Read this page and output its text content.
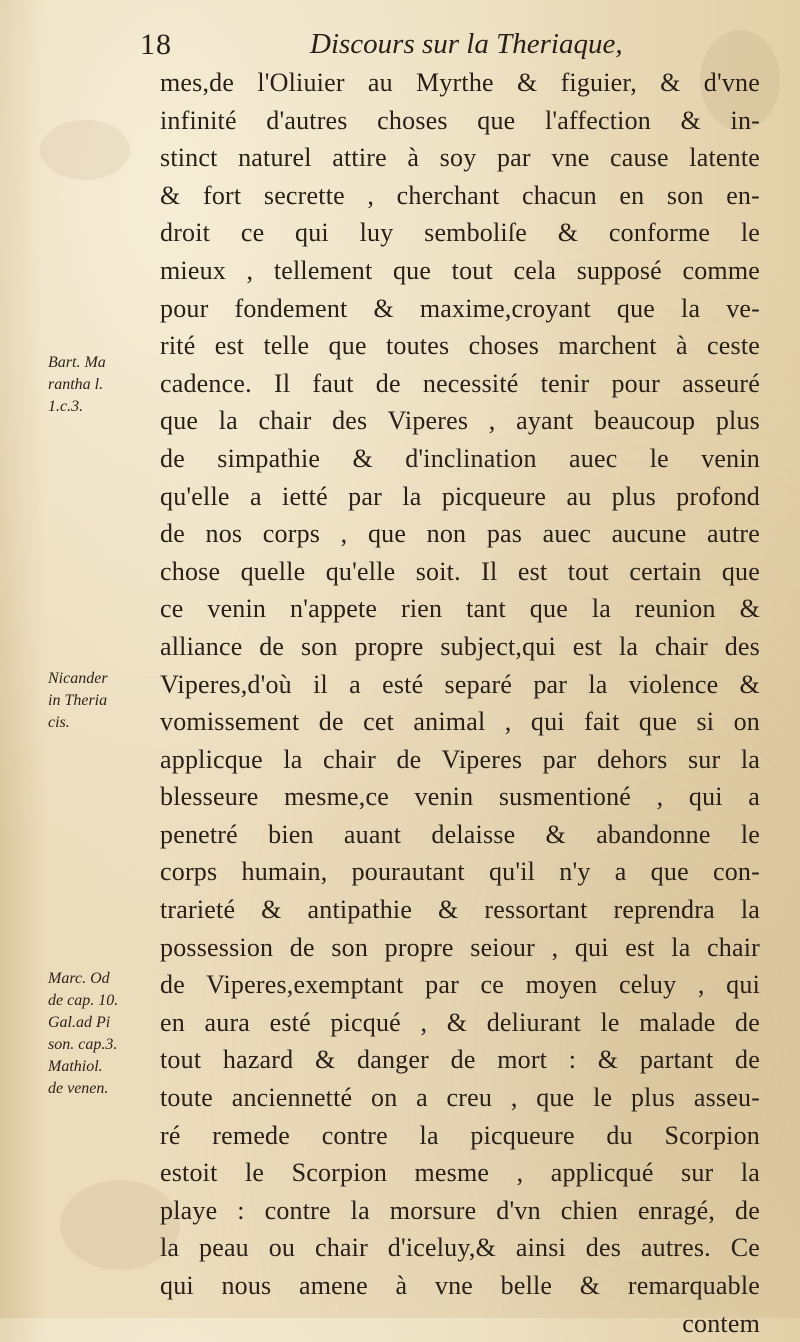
18	Discours sur la Theriaque,
mes,de l'Oliuier au Myrthe & figuier, & d'vne
infinité d'autres choses que l'affection & in-
stinct naturel attire à soy par vne cause latente
& fort secrette , cherchant chacun en son en-
droit ce qui luy semboliſe & conforme le
mieux , tellement que tout cela supposé comme
pour fondement & maxime,croyant que la ve-
rité est telle que toutes choses marchent à ceste
cadence. Il faut de necessité tenir pour asseuré
que la chair des Viperes , ayant beaucoup plus
de simpathie & d'inclination auec le venin
qu'elle a ietté par la picqueure au plus profond
de nos corps , que non pas auec aucune autre
chose quelle qu'elle soit. Il est tout certain que
ce venin n'appete rien tant que la reunion &
alliance de son propre subject,qui est la chair des
Viperes,d'où il a esté separé par la violence &
vomissement de cet animal , qui fait que si on
applicque la chair de Viperes par dehors sur la
blesseure mesme,ce venin susmentioné , qui a
penetré bien auant delaisse & abandonne le
corps humain, pourautant qu'il n'y a que con-
trarieté & antipathie & ressortant reprendra la
possession de son propre seiour , qui est la chair
de Viperes,exemptant par ce moyen celuy , qui
en aura esté picqué , & deliurant le malade de
tout hazard & danger de mort : & partant de
toute anciennetté on a creu , que le plus asseu-
ré remede contre la picqueure du Scorpion
estoit le Scorpion mesme , applicqué sur la
playe : contre la morsure d'vn chien enragé, de
la peau ou chair d'iceluy,& ainsi des autres. Ce
qui nous amene à vne belle & remarquable
contem
Bart. Ma
rantha l.
1.c.3.
Nicander
in Theria
cis.
Marc. Od
de cap. 10.
Gal.ad Pi
son. cap.3.
Mathiol.
de venen.
